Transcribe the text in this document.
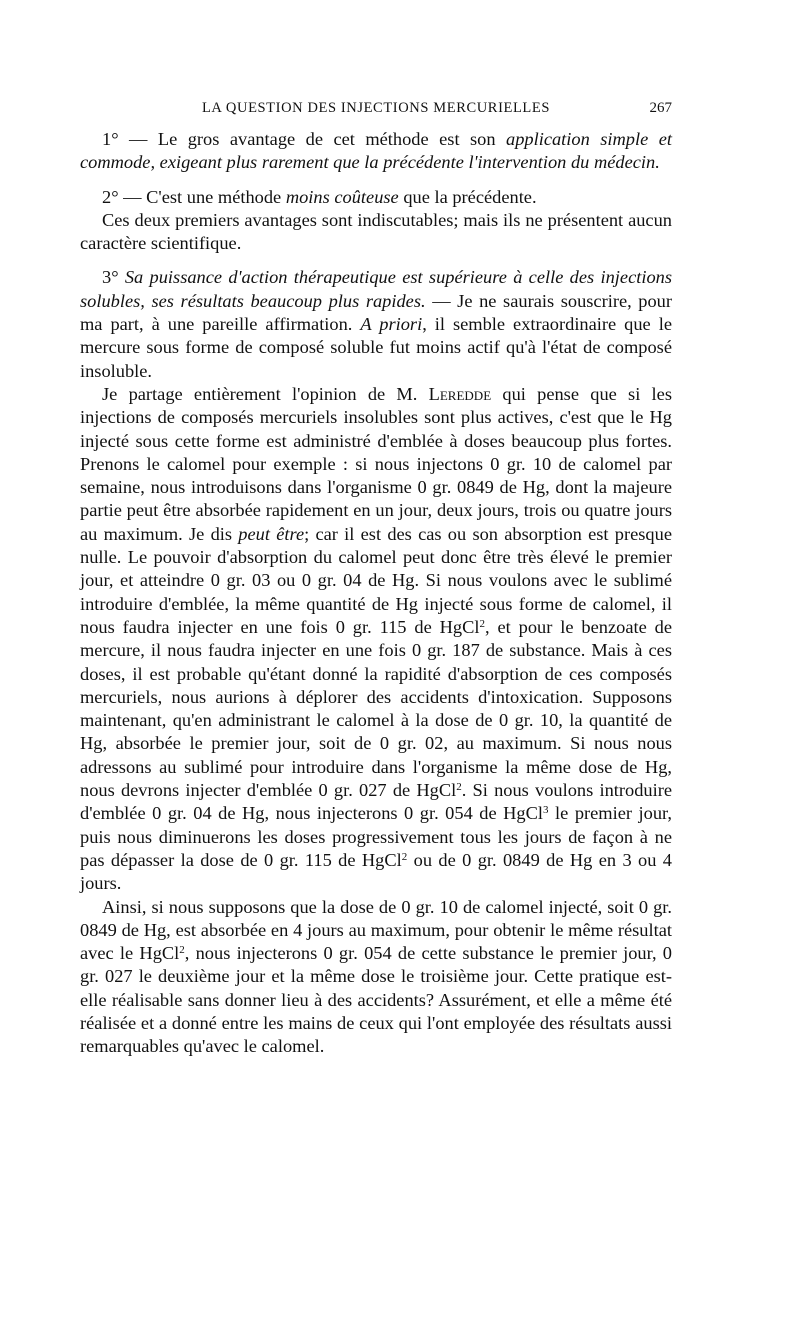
LA QUESTION DES INJECTIONS MERCURIELLES	267

1° — Le gros avantage de cet méthode est son application simple et commode, exigeant plus rarement que la précédente l'intervention du médecin.

2° — C'est une méthode moins coûteuse que la précédente.

Ces deux premiers avantages sont indiscutables; mais ils ne présentent aucun caractère scientifique.

3° Sa puissance d'action thérapeutique est supérieure à celle des injections solubles, ses résultats beaucoup plus rapides. — Je ne saurais souscrire, pour ma part, à une pareille affirmation. A priori, il semble extraordinaire que le mercure sous forme de composé soluble fut moins actif qu'à l'état de composé insoluble.

Je partage entièrement l'opinion de M. Leredde qui pense que si les injections de composés mercuriels insolubles sont plus actives, c'est que le Hg injecté sous cette forme est administré d'emblée à doses beaucoup plus fortes. Prenons le calomel pour exemple : si nous injectons 0 gr. 10 de calomel par semaine, nous introduisons dans l'organisme 0 gr. 0849 de Hg, dont la majeure partie peut être absorbée rapidement en un jour, deux jours, trois ou quatre jours au maximum. Je dis peut être; car il est des cas ou son absorption est presque nulle. Le pouvoir d'absorption du calomel peut donc être très élevé le premier jour, et atteindre 0 gr. 03 ou 0 gr. 04 de Hg. Si nous voulons avec le sublimé introduire d'emblée, la même quantité de Hg injecté sous forme de calomel, il nous faudra injecter en une fois 0 gr. 115 de HgCl$^2$, et pour le benzoate de mercure, il nous faudra injecter en une fois 0 gr. 187 de substance. Mais à ces doses, il est probable qu'étant donné la rapidité d'absorption de ces composés mercuriels, nous aurions à déplorer des accidents d'intoxication. Supposons maintenant, qu'en administrant le calomel à la dose de 0 gr. 10, la quantité de Hg, absorbée le premier jour, soit de 0 gr. 02, au maximum. Si nous nous adressons au sublimé pour introduire dans l'organisme la même dose de Hg, nous devrons injecter d'emblée 0 gr. 027 de HgCl$^2$. Si nous voulons introduire d'emblée 0 gr. 04 de Hg, nous injecterons 0 gr. 054 de HgCl$^3$ le premier jour, puis nous diminuerons les doses progressivement tous les jours de façon à ne pas dépasser la dose de 0 gr. 115 de HgCl$^2$ ou de 0 gr. 0849 de Hg en 3 ou 4 jours.

Ainsi, si nous supposons que la dose de 0 gr. 10 de calomel injecté, soit 0 gr. 0849 de Hg, est absorbée en 4 jours au maximum, pour obtenir le même résultat avec le HgCl$^2$, nous injecterons 0 gr. 054 de cette substance le premier jour, 0 gr. 027 le deuxième jour et la même dose le troisième jour. Cette pratique est-elle réalisable sans donner lieu à des accidents? Assurément, et elle a même été réalisée et a donné entre les mains de ceux qui l'ont employée des résultats aussi remarquables qu'avec le calomel.
